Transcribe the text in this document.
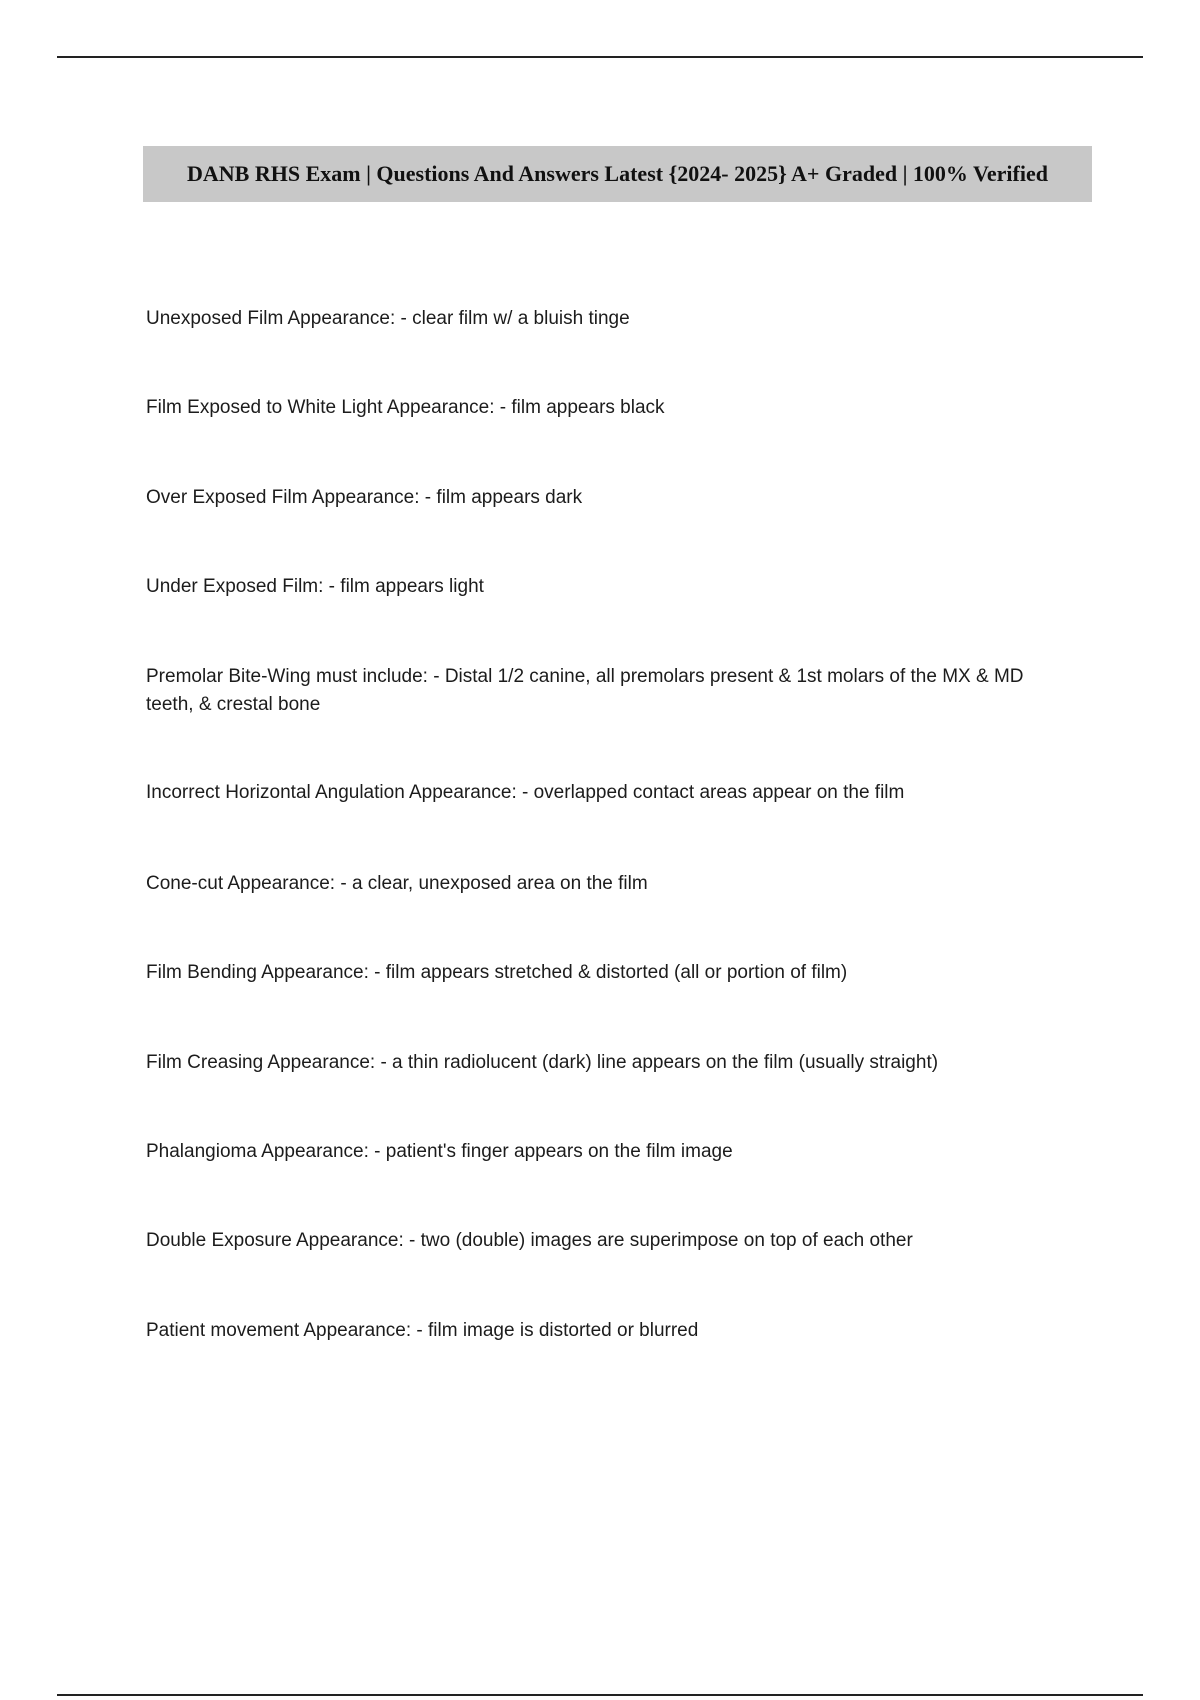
DANB RHS Exam | Questions And Answers Latest {2024- 2025} A+ Graded | 100% Verified
Unexposed Film Appearance: - clear film w/ a bluish tinge
Film Exposed to White Light Appearance: - film appears black
Over Exposed Film Appearance: - film appears dark
Under Exposed Film: - film appears light
Premolar Bite-Wing must include: - Distal 1/2 canine, all premolars present & 1st molars of the MX & MD teeth, & crestal bone
Incorrect Horizontal Angulation Appearance: - overlapped contact areas appear on the film
Cone-cut Appearance: - a clear, unexposed area on the film
Film Bending Appearance: - film appears stretched & distorted (all or portion of film)
Film Creasing Appearance: - a thin radiolucent (dark) line appears on the film (usually straight)
Phalangioma Appearance: - patient's finger appears on the film image
Double Exposure Appearance: - two (double) images are superimpose on top of each other
Patient movement Appearance: - film image is distorted or blurred
